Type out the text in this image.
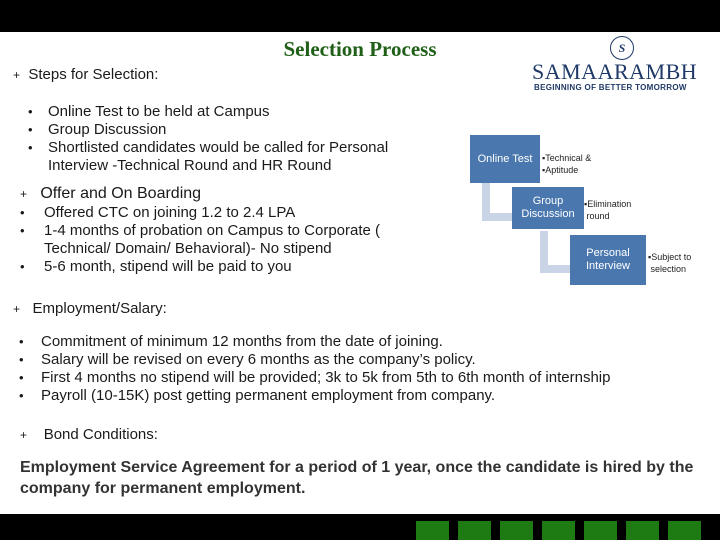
Selection Process	S
SAMAARAMBH
BEGINNING OF BETTER TOMORROW
+ Steps for Selection:
• Online Test to be held at Campus
• Group Discussion
• Shortlisted candidates would be called for Personal Interview -Technical Round and HR Round
+ Offer and On Boarding
• Offered CTC on joining 1.2 to 2.4 LPA
• 1-4 months of probation on Campus to Corporate ( Technical/ Domain/ Behavioral)- No stipend
• 5-6 month, stipend will be paid to you
Online Test ▪Technical &
▪Aptitude
Group Discussion
▪Elimination
round
Personal Interview
▪Subject to
selection
+ Employment/Salary:
• Commitment of minimum 12 months from the date of joining.
• Salary will be revised on every 6 months as the company’s policy.
• First 4 months no stipend will be provided; 3k to 5k from 5th to 6th month of internship
• Payroll (10-15K) post getting permanent employment from company.
+ Bond Conditions:
Employment Service Agreement for a period of 1 year, once the candidate is hired by the company for permanent employment.
